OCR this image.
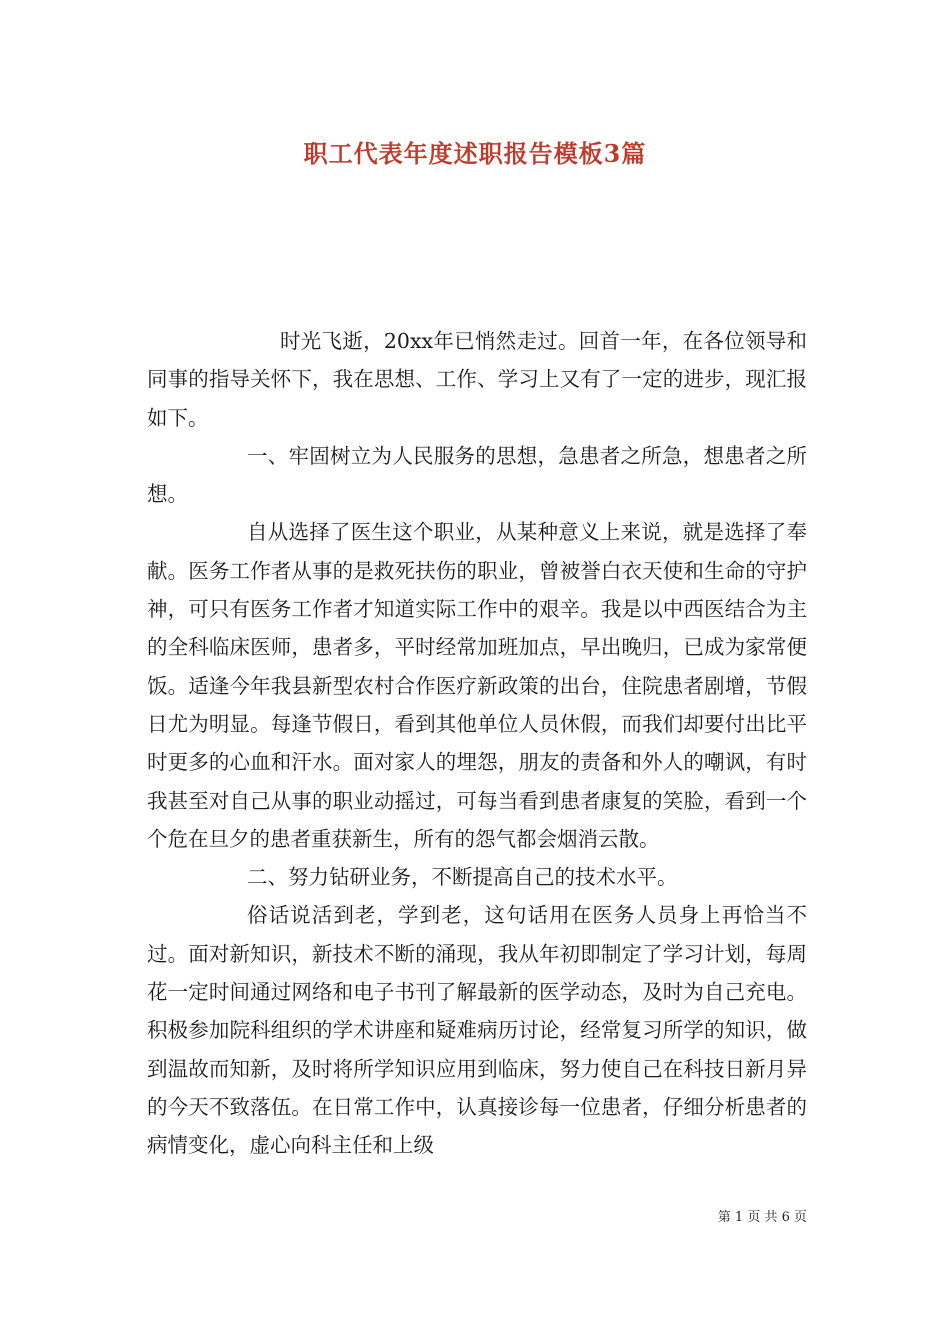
职工代表年度述职报告模板3篇

时光飞逝，20xx年已悄然走过。回首一年，在各位领导和同事的指导关怀下，我在思想、工作、学习上又有了一定的进步，现汇报如下。

一、牢固树立为人民服务的思想，急患者之所急，想患者之所想。

自从选择了医生这个职业，从某种意义上来说，就是选择了奉献。医务工作者从事的是救死扶伤的职业，曾被誉白衣天使和生命的守护神，可只有医务工作者才知道实际工作中的艰辛。我是以中西医结合为主的全科临床医师，患者多，平时经常加班加点，早出晚归，已成为家常便饭。适逢今年我县新型农村合作医疗新政策的出台，住院患者剧增，节假日尤为明显。每逢节假日，看到其他单位人员休假，而我们却要付出比平时更多的心血和汗水。面对家人的埋怨，朋友的责备和外人的嘲讽，有时我甚至对自己从事的职业动摇过，可每当看到患者康复的笑脸，看到一个个危在旦夕的患者重获新生，所有的怨气都会烟消云散。

二、努力钻研业务，不断提高自己的技术水平。

俗话说活到老，学到老，这句话用在医务人员身上再恰当不过。面对新知识，新技术不断的涌现，我从年初即制定了学习计划，每周花一定时间通过网络和电子书刊了解最新的医学动态，及时为自己充电。积极参加院科组织的学术讲座和疑难病历讨论，经常复习所学的知识，做到温故而知新，及时将所学知识应用到临床，努力使自己在科技日新月异的今天不致落伍。在日常工作中，认真接诊每一位患者，仔细分析患者的病情变化，虚心向科主任和上级

第 1 页 共 6 页
